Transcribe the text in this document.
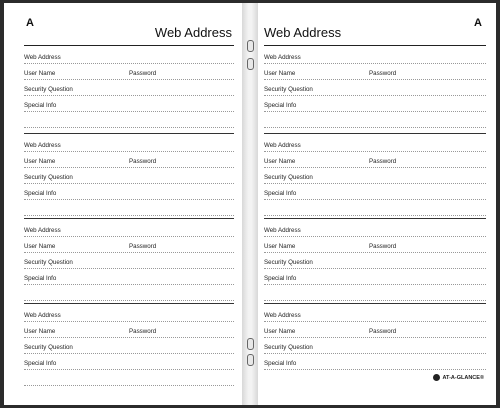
A
Web Address
Web Address
User Name	Password
Security Question
Special Info
Web Address
User Name	Password
Security Question
Special Info
Web Address
User Name	Password
Security Question
Special Info
Web Address
User Name	Password
Security Question
Special Info
Web Address
A
Web Address
User Name	Password
Security Question
Special Info
Web Address
User Name	Password
Security Question
Special Info
Web Address
User Name	Password
Security Question
Special Info
Web Address
User Name	Password
Security Question
Special Info
AT-A-GLANCE®
